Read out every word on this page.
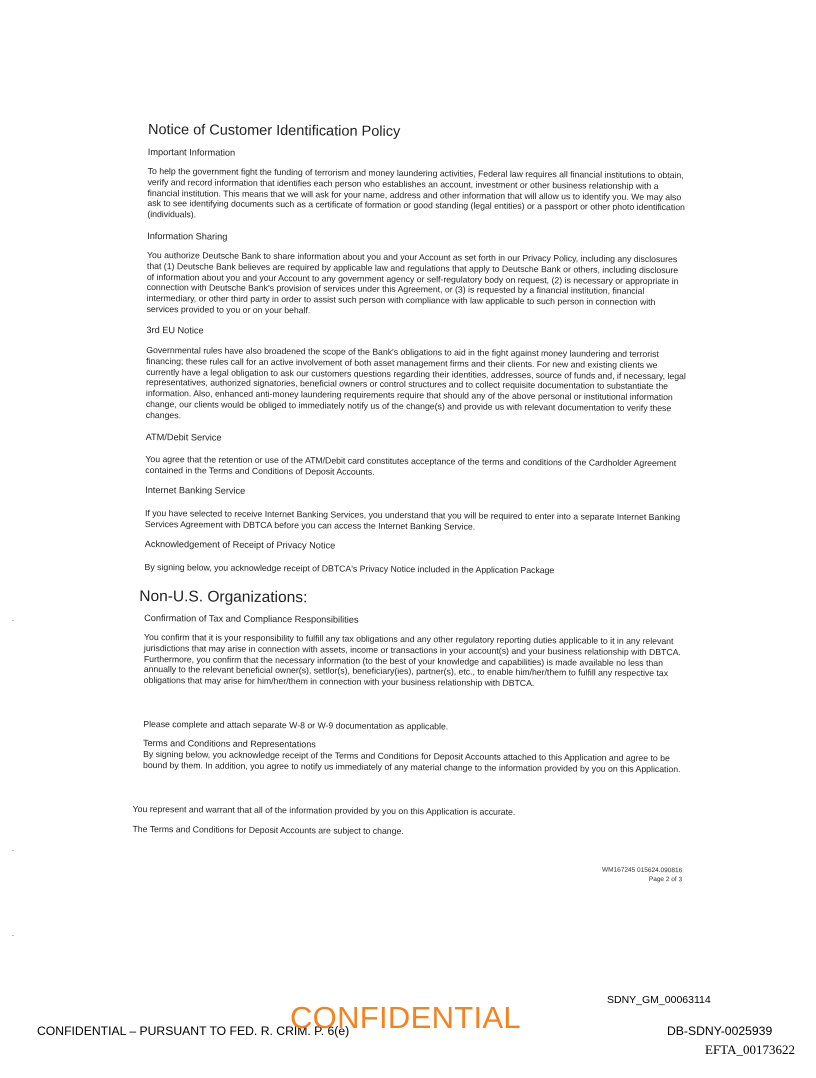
Notice of Customer Identification Policy
Important Information
To help the government fight the funding of terrorism and money laundering activities, Federal law requires all financial institutions to obtain, verify and record information that identifies each person who establishes an account, investment or other business relationship with a financial institution. This means that we will ask for your name, address and other information that will allow us to identify you. We may also ask to see identifying documents such as a certificate of formation or good standing (legal entities) or a passport or other photo identification (individuals).
Information Sharing
You authorize Deutsche Bank to share information about you and your Account as set forth in our Privacy Policy, including any disclosures that (1) Deutsche Bank believes are required by applicable law and regulations that apply to Deutsche Bank or others, including disclosure of information about you and your Account to any government agency or self-regulatory body on request, (2) is necessary or appropriate in connection with Deutsche Bank's provision of services under this Agreement, or (3) is requested by a financial institution, financial intermediary, or other third party in order to assist such person with compliance with law applicable to such person in connection with services provided to you or on your behalf.
3rd EU Notice
Governmental rules have also broadened the scope of the Bank's obligations to aid in the fight against money laundering and terrorist financing; these rules call for an active involvement of both asset management firms and their clients. For new and existing clients we currently have a legal obligation to ask our customers questions regarding their identities, addresses, source of funds and, if necessary, legal representatives, authorized signatories, beneficial owners or control structures and to collect requisite documentation to substantiate the information. Also, enhanced anti-money laundering requirements require that should any of the above personal or institutional information change, our clients would be obliged to immediately notify us of the change(s) and provide us with relevant documentation to verify these changes.
ATM/Debit Service
You agree that the retention or use of the ATM/Debit card constitutes acceptance of the terms and conditions of the Cardholder Agreement contained in the Terms and Conditions of Deposit Accounts.
Internet Banking Service
If you have selected to receive Internet Banking Services, you understand that you will be required to enter into a separate Internet Banking Services Agreement with DBTCA before you can access the Internet Banking Service.
Acknowledgement of Receipt of Privacy Notice
By signing below, you acknowledge receipt of DBTCA's Privacy Notice included in the Application Package
Non-U.S. Organizations:
Confirmation of Tax and Compliance Responsibilities
You confirm that it is your responsibility to fulfill any tax obligations and any other regulatory reporting duties applicable to it in any relevant jurisdictions that may arise in connection with assets, income or transactions in your account(s) and your business relationship with DBTCA. Furthermore, you confirm that the necessary information (to the best of your knowledge and capabilities) is made available no less than annually to the relevant beneficial owner(s), settlor(s), beneficiary(ies), partner(s), etc., to enable him/her/them to fulfill any respective tax obligations that may arise for him/her/them in connection with your business relationship with DBTCA.
Please complete and attach separate W-8 or W-9 documentation as applicable.
Terms and Conditions and Representations
By signing below, you acknowledge receipt of the Terms and Conditions for Deposit Accounts attached to this Application and agree to be bound by them. In addition, you agree to notify us immediately of any material change to the information provided by you on this Application.
You represent and warrant that all of the information provided by you on this Application is accurate.
The Terms and Conditions for Deposit Accounts are subject to change.
WM167245 015624.090816
Page 2 of 3
SDNY_GM_00063114
CONFIDENTIAL – PURSUANT TO FED. R. CRIM. P. 6(e)
CONFIDENTIAL	DB-SDNY-0025939
EFTA_00173622
